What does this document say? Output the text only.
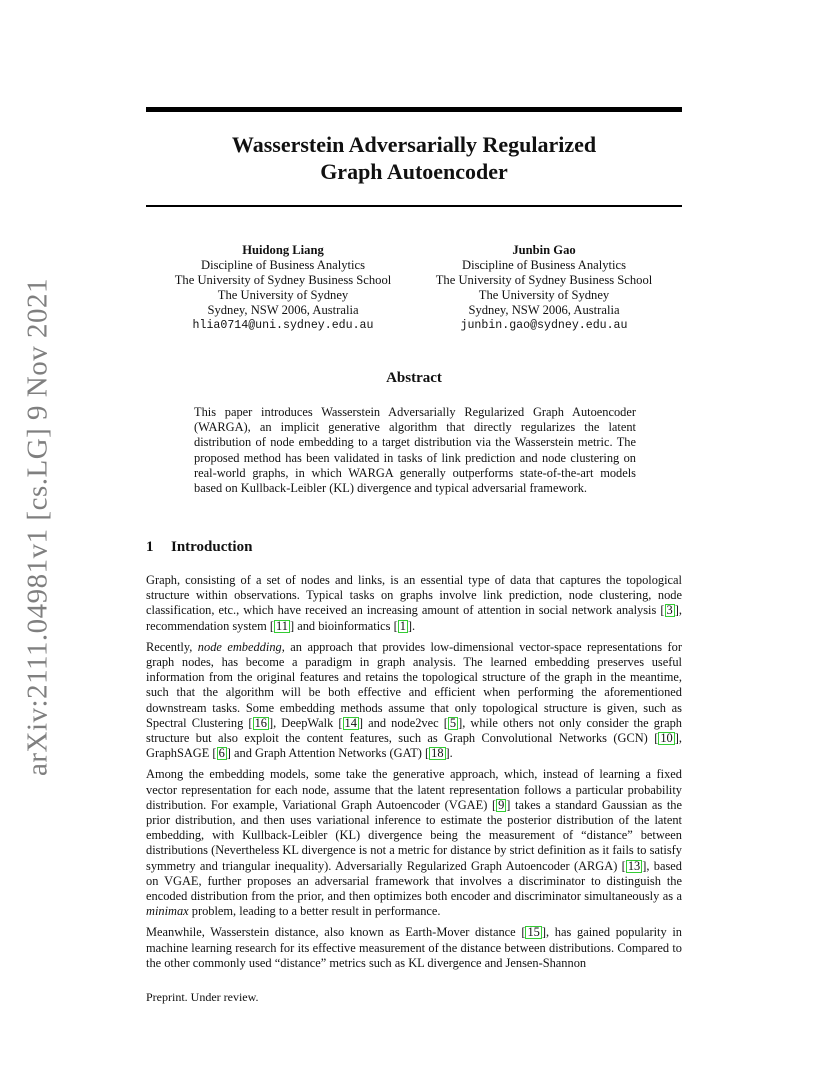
arXiv:2111.04981v1 [cs.LG] 9 Nov 2021
Wasserstein Adversarially Regularized
Graph Autoencoder
Huidong Liang
Discipline of Business Analytics
The University of Sydney Business School
The University of Sydney
Sydney, NSW 2006, Australia
hlia0714@uni.sydney.edu.au
Junbin Gao
Discipline of Business Analytics
The University of Sydney Business School
The University of Sydney
Sydney, NSW 2006, Australia
junbin.gao@sydney.edu.au
Abstract
This paper introduces Wasserstein Adversarially Regularized Graph Autoencoder (WARGA), an implicit generative algorithm that directly regularizes the latent distribution of node embedding to a target distribution via the Wasserstein metric. The proposed method has been validated in tasks of link prediction and node clustering on real-world graphs, in which WARGA generally outperforms state-of-the-art models based on Kullback-Leibler (KL) divergence and typical adversarial framework.
1 Introduction

Graph, consisting of a set of nodes and links, is an essential type of data that captures the topological structure within observations. Typical tasks on graphs involve link prediction, node clustering, node classification, etc., which have received an increasing amount of attention in social network analysis [ 3 ], recommendation system [ 11 ] and bioinformatics [ 1 ].

Recently, node embedding, an approach that provides low-dimensional vector-space representations for graph nodes, has become a paradigm in graph analysis. The learned embedding preserves useful information from the original features and retains the topological structure of the graph in the meantime, such that the algorithm will be both effective and efficient when performing the aforementioned downstream tasks. Some embedding methods assume that only topological structure is given, such as Spectral Clustering [ 16 ], DeepWalk [ 14 ] and node2vec [ 5 ], while others not only consider the graph structure but also exploit the content features, such as Graph Convolutional Networks (GCN) [ 10 ], GraphSAGE [ 6 ] and Graph Attention Networks (GAT) [ 18 ].

Among the embedding models, some take the generative approach, which, instead of learning a fixed vector representation for each node, assume that the latent representation follows a particular probability distribution. For example, Variational Graph Autoencoder (VGAE) [ 9 ] takes a standard Gaussian as the prior distribution, and then uses variational inference to estimate the posterior distribution of the latent embedding, with Kullback-Leibler (KL) divergence being the measurement of “distance” between distributions (Nevertheless KL divergence is not a metric for distance by strict definition as it fails to satisfy symmetry and triangular inequality). Adversarially Regularized Graph Autoencoder (ARGA) [ 13 ], based on VGAE, further proposes an adversarial framework that involves a discriminator to distinguish the encoded distribution from the prior, and then optimizes both encoder and discriminator simultaneously as a minimax problem, leading to a better result in performance.

Meanwhile, Wasserstein distance, also known as Earth-Mover distance [ 15 ], has gained popularity in machine learning research for its effective measurement of the distance between distributions. Compared to the other commonly used “distance” metrics such as KL divergence and Jensen-Shannon

Preprint. Under review.
